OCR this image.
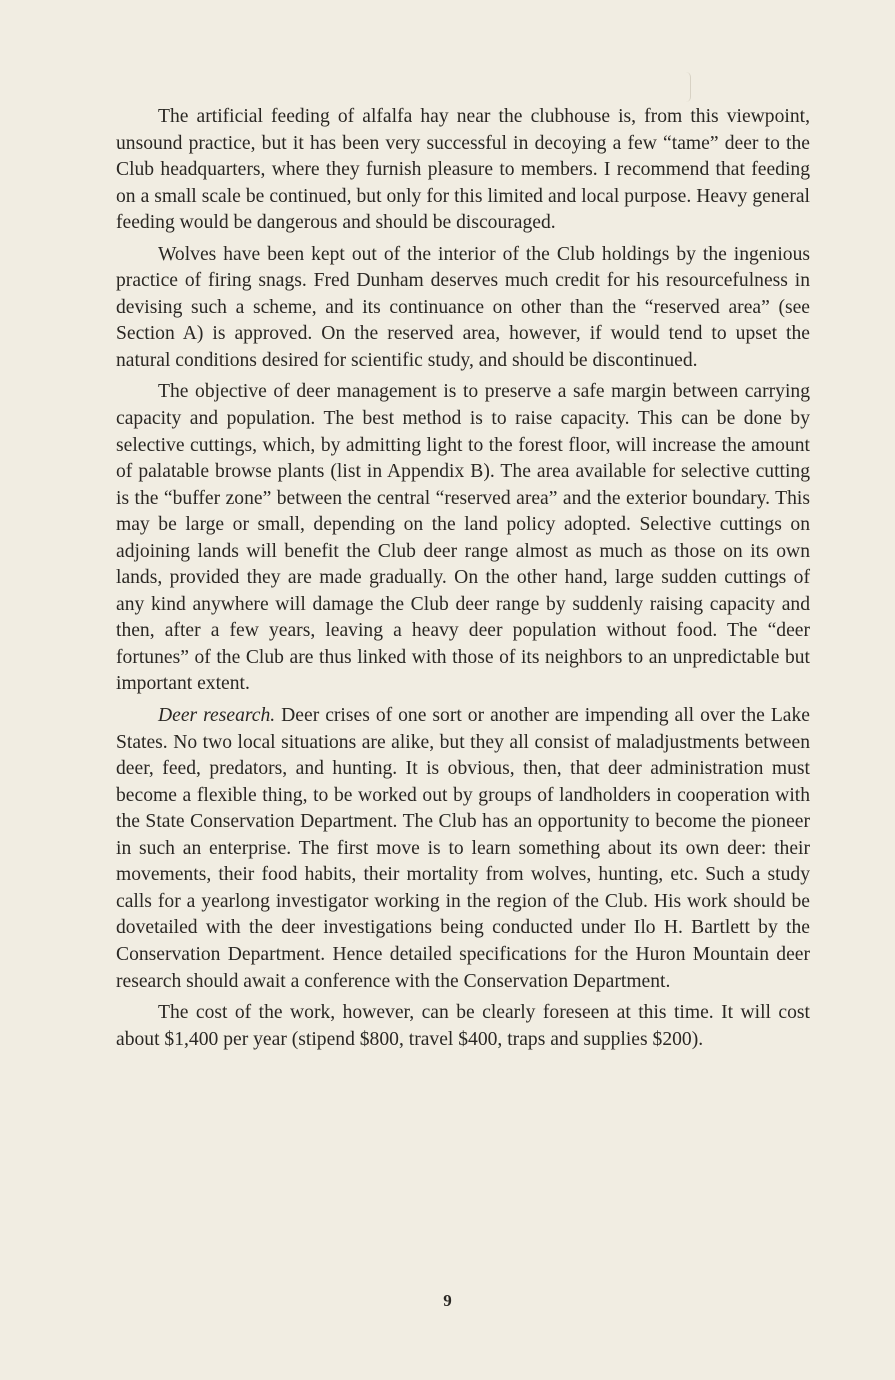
The artificial feeding of alfalfa hay near the clubhouse is, from this viewpoint, unsound practice, but it has been very successful in decoying a few “tame” deer to the Club headquarters, where they furnish pleasure to members. I recommend that feeding on a small scale be continued, but only for this limited and local purpose. Heavy general feeding would be dangerous and should be discouraged.

Wolves have been kept out of the interior of the Club holdings by the ingenious practice of firing snags. Fred Dunham deserves much credit for his resourcefulness in devising such a scheme, and its continuance on other than the “reserved area” (see Section A) is approved. On the reserved area, however, if would tend to upset the natural conditions desired for scientific study, and should be discontinued.

The objective of deer management is to preserve a safe margin between carrying capacity and population. The best method is to raise capacity. This can be done by selective cuttings, which, by admitting light to the forest floor, will increase the amount of palatable browse plants (list in Appendix B). The area available for selective cutting is the “buffer zone” between the central “reserved area” and the exterior boundary. This may be large or small, depending on the land policy adopted. Selective cuttings on adjoining lands will benefit the Club deer range almost as much as those on its own lands, provided they are made gradually. On the other hand, large sudden cuttings of any kind anywhere will damage the Club deer range by suddenly raising capacity and then, after a few years, leaving a heavy deer population without food. The “deer fortunes” of the Club are thus linked with those of its neighbors to an unpredictable but important extent.

Deer research. Deer crises of one sort or another are impending all over the Lake States. No two local situations are alike, but they all consist of maladjustments between deer, feed, predators, and hunting. It is obvious, then, that deer administration must become a flexible thing, to be worked out by groups of landholders in cooperation with the State Conservation Department. The Club has an opportunity to become the pioneer in such an enterprise. The first move is to learn something about its own deer: their movements, their food habits, their mortality from wolves, hunting, etc. Such a study calls for a yearlong investigator working in the region of the Club. His work should be dovetailed with the deer investigations being conducted under Ilo H. Bartlett by the Conservation Department. Hence detailed specifications for the Huron Mountain deer research should await a conference with the Conservation Department.

The cost of the work, however, can be clearly foreseen at this time. It will cost about $1,400 per year (stipend $800, travel $400, traps and supplies $200).

9
